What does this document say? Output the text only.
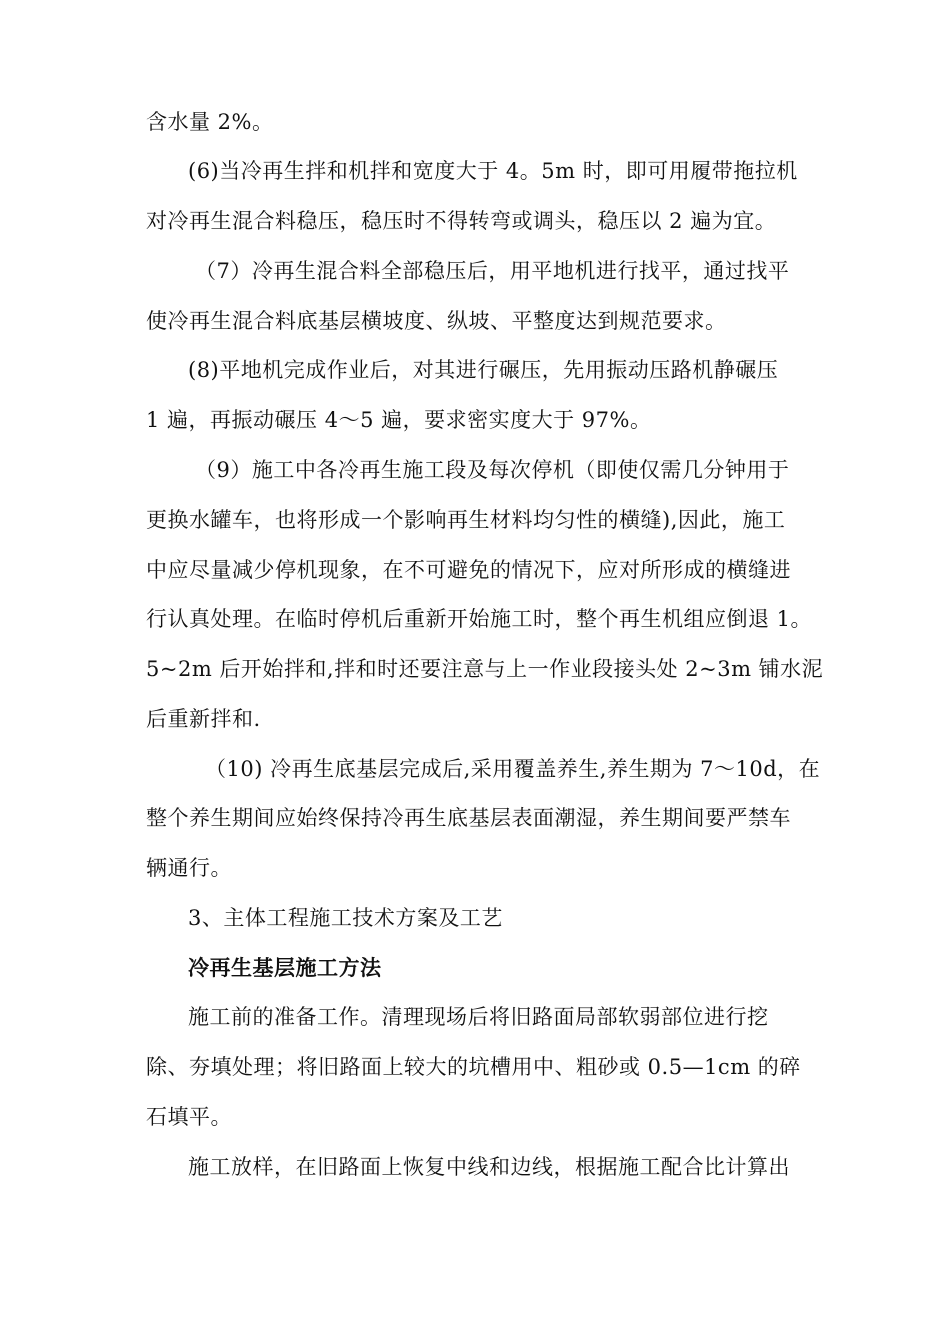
含水量 2%。
(6)当冷再生拌和机拌和宽度大于 4。5m 时，即可用履带拖拉机
对冷再生混合料稳压，稳压时不得转弯或调头，稳压以 2 遍为宜。
（7）冷再生混合料全部稳压后，用平地机进行找平，通过找平
使冷再生混合料底基层横坡度、纵坡、平整度达到规范要求。
(8)平地机完成作业后，对其进行碾压，先用振动压路机静碾压
1 遍，再振动碾压 4～5 遍，要求密实度大于 97%。
（9）施工中各冷再生施工段及每次停机（即使仅需几分钟用于
更换水罐车，也将形成一个影响再生材料均匀性的横缝),因此，施工
中应尽量减少停机现象，在不可避免的情况下，应对所形成的横缝进
行认真处理。在临时停机后重新开始施工时，整个再生机组应倒退 1。
5~2m 后开始拌和,拌和时还要注意与上一作业段接头处 2~3m 铺水泥
后重新拌和.
（10) 冷再生底基层完成后,采用覆盖养生,养生期为 7～10d，在
整个养生期间应始终保持冷再生底基层表面潮湿，养生期间要严禁车
辆通行。
3、主体工程施工技术方案及工艺
冷再生基层施工方法
施工前的准备工作。清理现场后将旧路面局部软弱部位进行挖
除、夯填处理；将旧路面上较大的坑槽用中、粗砂或 0.5—1cm 的碎
石填平。
施工放样，在旧路面上恢复中线和边线，根据施工配合比计算出
